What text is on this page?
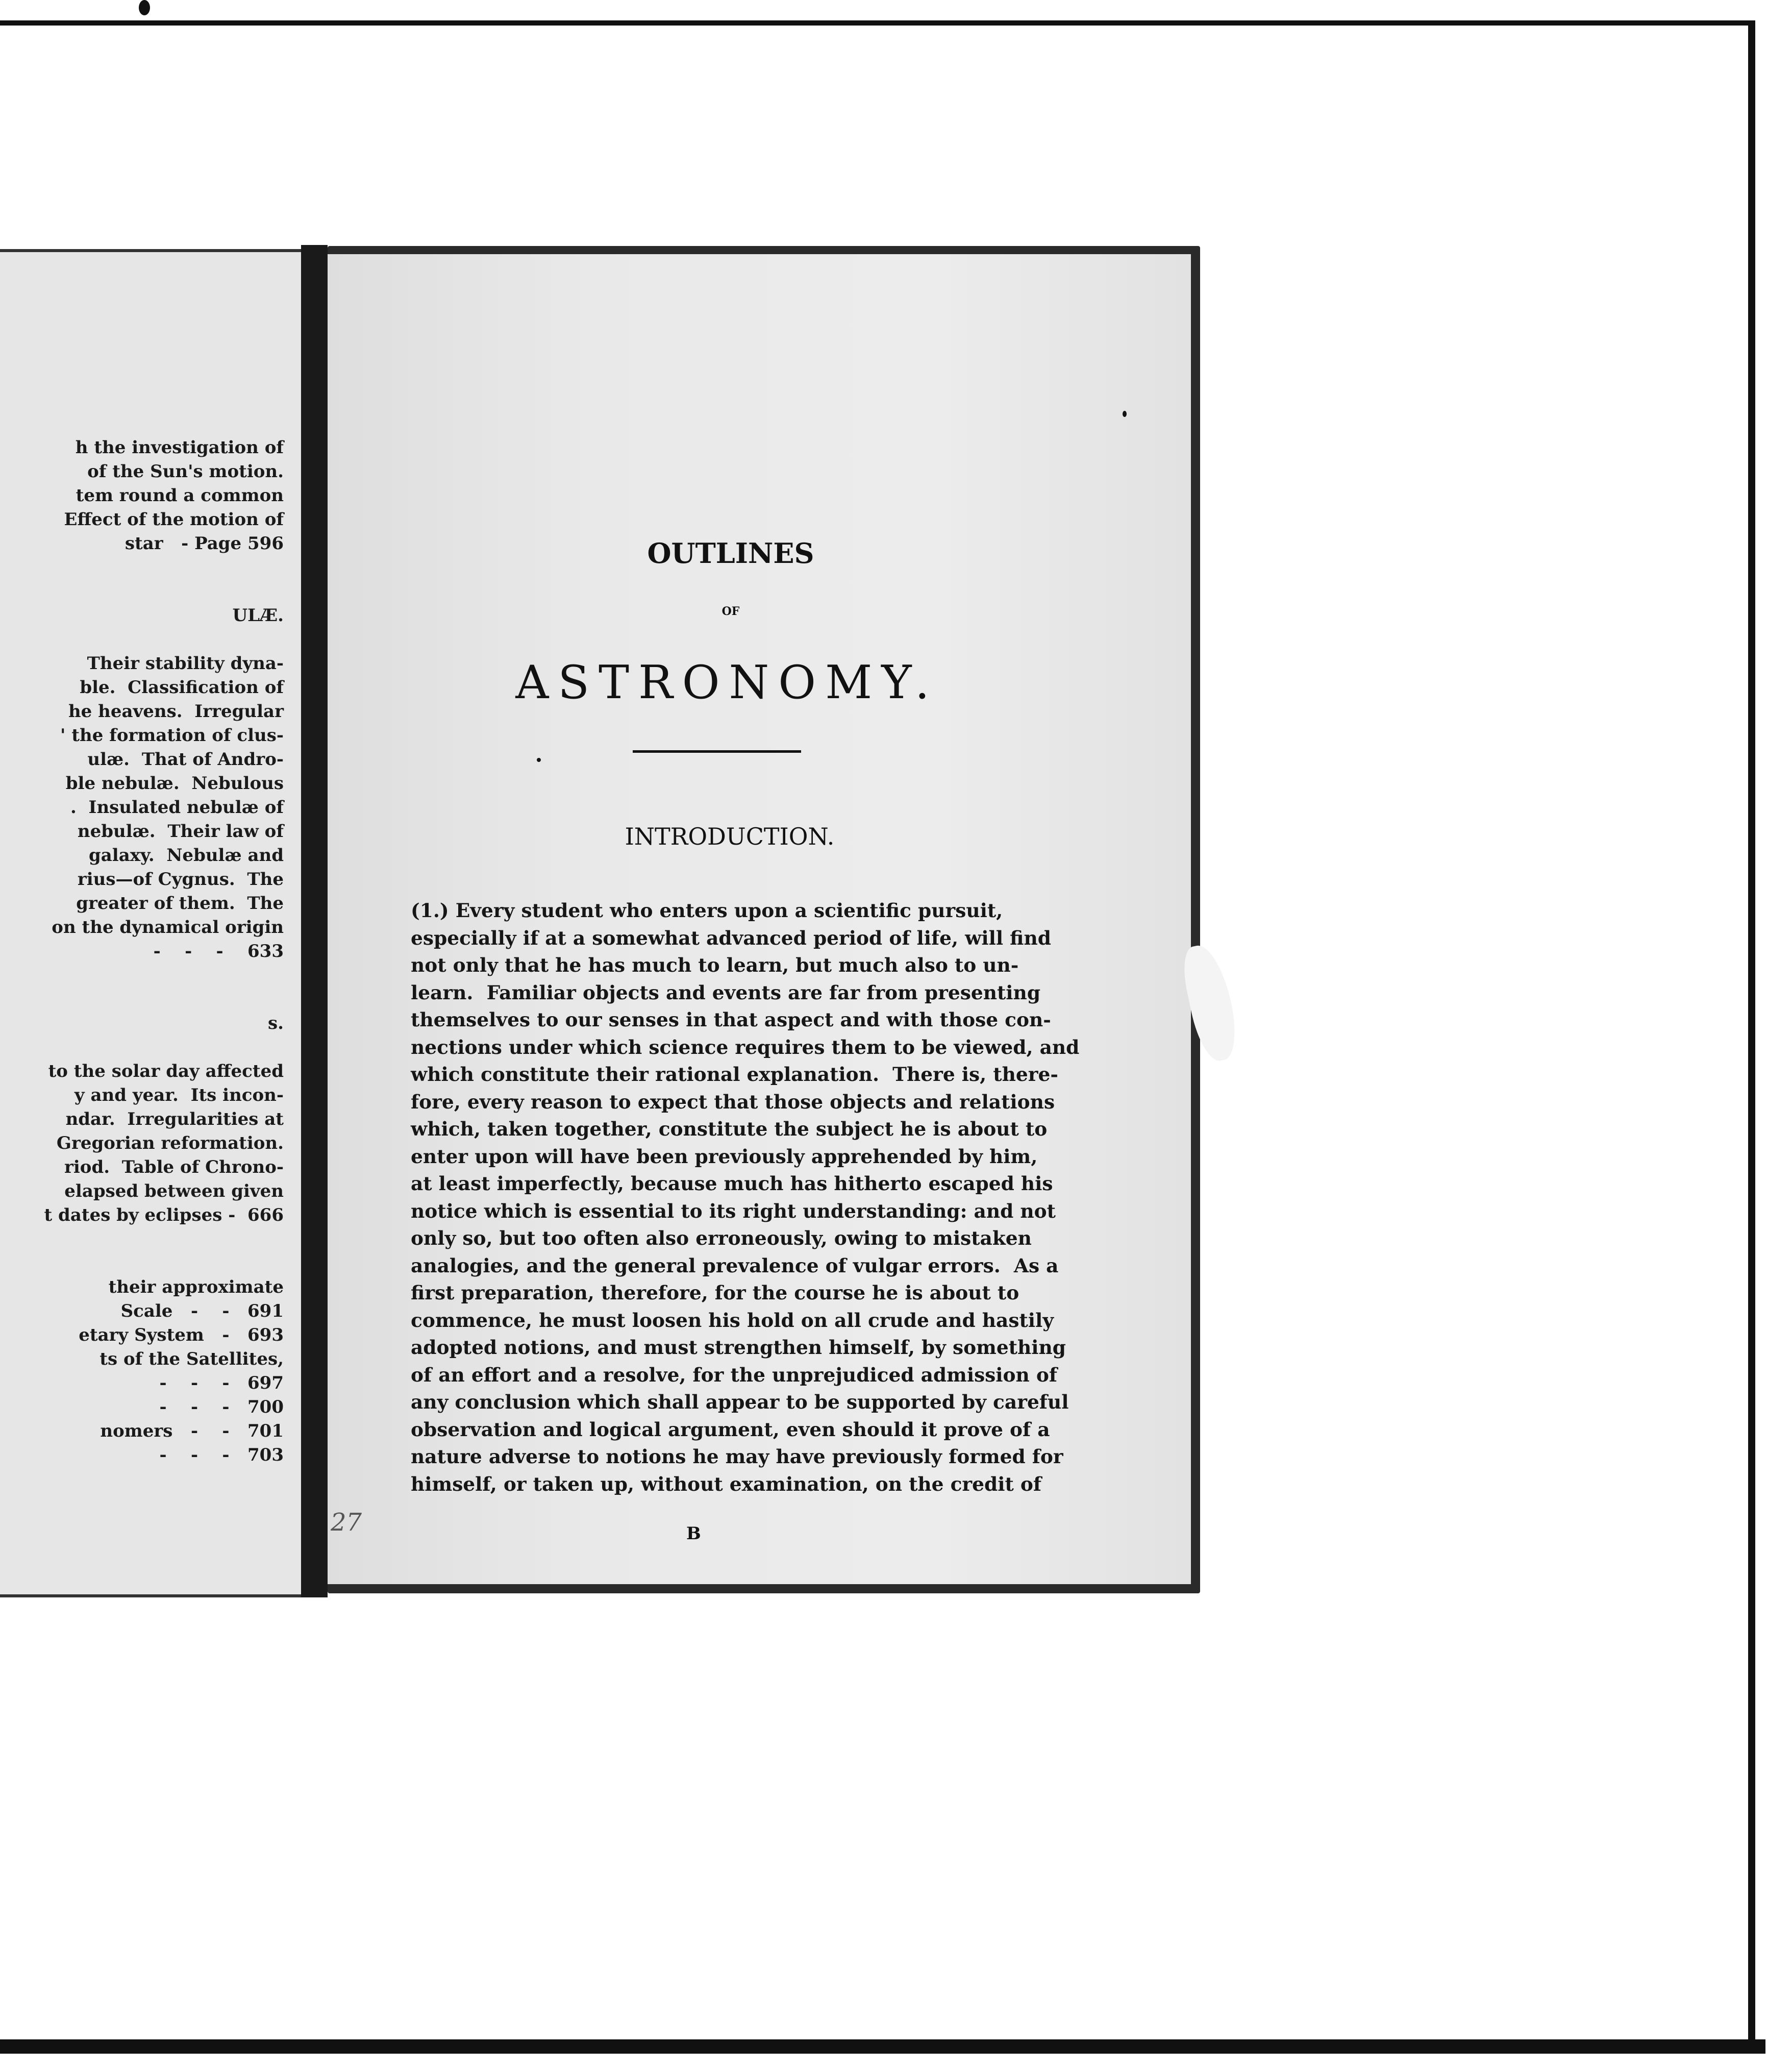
h the investigation of
of the Sun's motion.
tem round a common
Effect of the motion of
star   - Page 596

ULÆ.

Their stability dyna-
ble.  Classification of
he heavens.  Irregular
' the formation of clus-
ulæ.  That of Andro-
ble nebulæ.  Nebulous
.  Insulated nebulæ of
nebulæ.  Their law of
galaxy.  Nebulæ and
rius—of Cygnus.  The
greater of them.  The
on the dynamical origin
-    -    -    633

s.

to the solar day affected
y and year.  Its incon-
ndar.  Irregularities at
Gregorian reformation.
riod.  Table of Chrono-
elapsed between given
t dates by eclipses -  666

their approximate
Scale   -    -   691
etary System   -   693
ts of the Satellites,
-    -    -   697
-    -    -   700
nomers   -    -   701
-    -    -   703
OUTLINES
OF
ASTRONOMY.
INTRODUCTION.
(1.) Every student who enters upon a scientific pursuit,
especially if at a somewhat advanced period of life, will find
not only that he has much to learn, but much also to un-
learn.  Familiar objects and events are far from presenting
themselves to our senses in that aspect and with those con-
nections under which science requires them to be viewed, and
which constitute their rational explanation.  There is, there-
fore, every reason to expect that those objects and relations
which, taken together, constitute the subject he is about to
enter upon will have been previously apprehended by him,
at least imperfectly, because much has hitherto escaped his
notice which is essential to its right understanding: and not
only so, but too often also erroneously, owing to mistaken
analogies, and the general prevalence of vulgar errors.  As a
first preparation, therefore, for the course he is about to
commence, he must loosen his hold on all crude and hastily
adopted notions, and must strengthen himself, by something
of an effort and a resolve, for the unprejudiced admission of
any conclusion which shall appear to be supported by careful
observation and logical argument, even should it prove of a
nature adverse to notions he may have previously formed for
himself, or taken up, without examination, on the credit of
B
27
